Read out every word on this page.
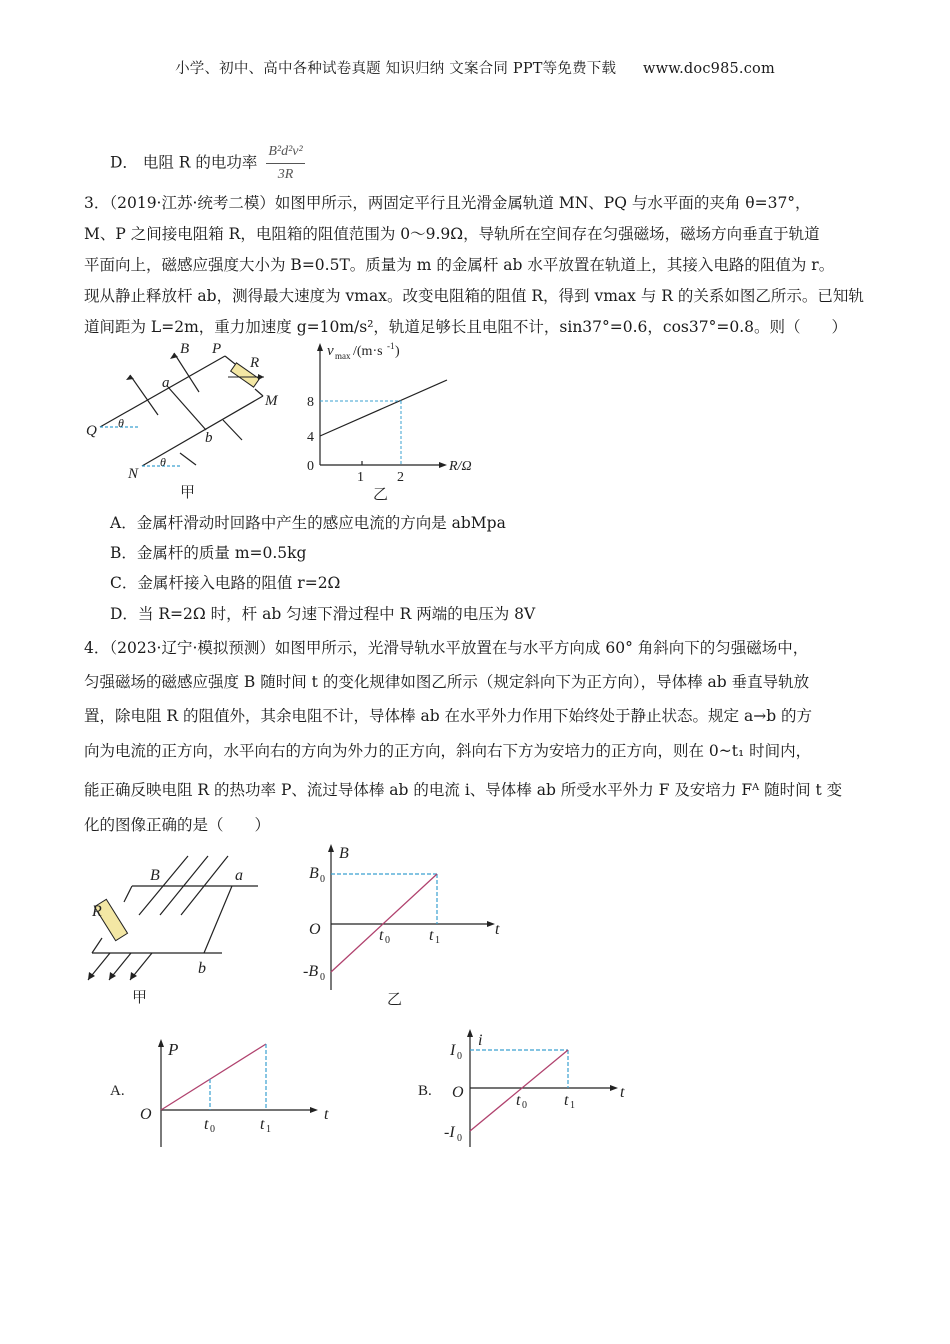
小学、初中、高中各种试卷真题 知识归纳 文案合同 PPT等免费下载 www.doc985.com
D． 电阻 R 的电功率 $\frac{\text{B²d²v²}}{3R}$
3．（2019·江苏·统考二模）如图甲所示，两固定平行且光滑金属轨道 MN、PQ 与水平面的夹角 θ=37°，
M、P 之间接电阻箱 R，电阻箱的阻值范围为 0～9.9Ω，导轨所在空间存在匀强磁场，磁场方向垂直于轨道
平面向上，磁感应强度大小为 B=0.5T。质量为 m 的金属杆 ab 水平放置在轨道上，其接入电路的阻值为 r。
现从静止释放杆 ab，测得最大速度为 vmax。改变电阻箱的阻值 R，得到 vmax 与 R 的关系如图乙所示。已知轨
道间距为 L=2m，重力加速度 g=10m/s²，轨道足够长且电阻不计，sin37°=0.6，cos37°=0.8。则（　　）
B P
R
a
M
Q θ
b
N
θ
甲
v max /(m·s -1 )
8
4
0
1 2
R/Ω
乙
A．金属杆滑动时回路中产生的感应电流的方向是 abMpa
B．金属杆的质量 m=0.5kg
C．金属杆接入电路的阻值 r=2Ω
D．当 R=2Ω 时，杆 ab 匀速下滑过程中 R 两端的电压为 8V
4．（2023·辽宁·模拟预测）如图甲所示，光滑导轨水平放置在与水平方向成 60° 角斜向下的匀强磁场中，
匀强磁场的磁感应强度 B 随时间 t 的变化规律如图乙所示（规定斜向下为正方向），导体棒 ab 垂直导轨放
置，除电阻 R 的阻值外，其余电阻不计，导体棒 ab 在水平外力作用下始终处于静止状态。规定 a→b 的方
向为电流的正方向，水平向右的方向为外力的正方向，斜向右下方为安培力的正方向，则在 0~t₁ 时间内，
能正确反映电阻 R 的热功率 P、流过导体棒 ab 的电流 i、导体棒 ab 所受水平外力 F 及安培力 Fᴬ 随时间 t 变
化的图像正确的是（　　）
B	a
R
b
甲
B
B 0
O
-B 0
t 0 t 1
t
乙
A.
P
O
t 0	t 1
t
B.
i
I 0
O
-I 0
t 0 t 1
t
